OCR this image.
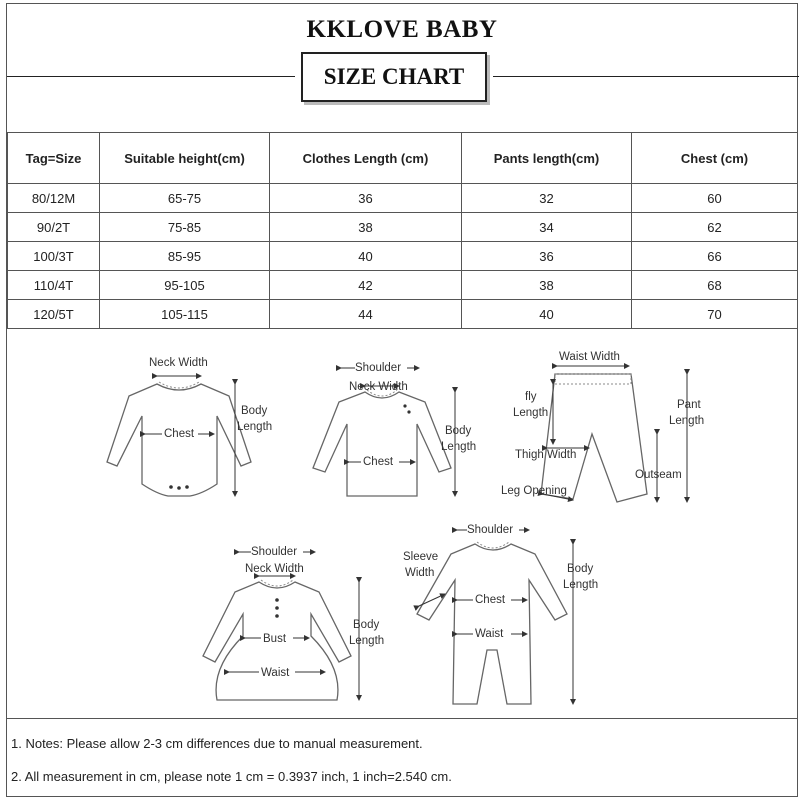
KKLOVE BABY
SIZE CHART
Tag=Size	Suitable height(cm)	Clothes Length (cm)	Pants length(cm)	Chest (cm)
80/12M	65-75	36	32	60
90/2T	75-85	38	34	62
100/3T	85-95	40	36	66
110/4T	95-105	42	38	68
120/5T	105-115	44	40	70
Neck Width
Body
Length
Chest
Shoulder
Neck Width
Body
Length
Chest
Waist Width
fly
Length
Pant
Length
Thigh Width
Outseam
Leg Opening
Shoulder
Neck Width
Body
Length
Bust
Waist
Shoulder
Sleeve
Width	Body
Length
Chest
Waist
1. Notes: Please allow 2-3 cm differences due to manual measurement.
2. All measurement in cm, please note 1 cm = 0.3937 inch, 1 inch=2.540 cm.
